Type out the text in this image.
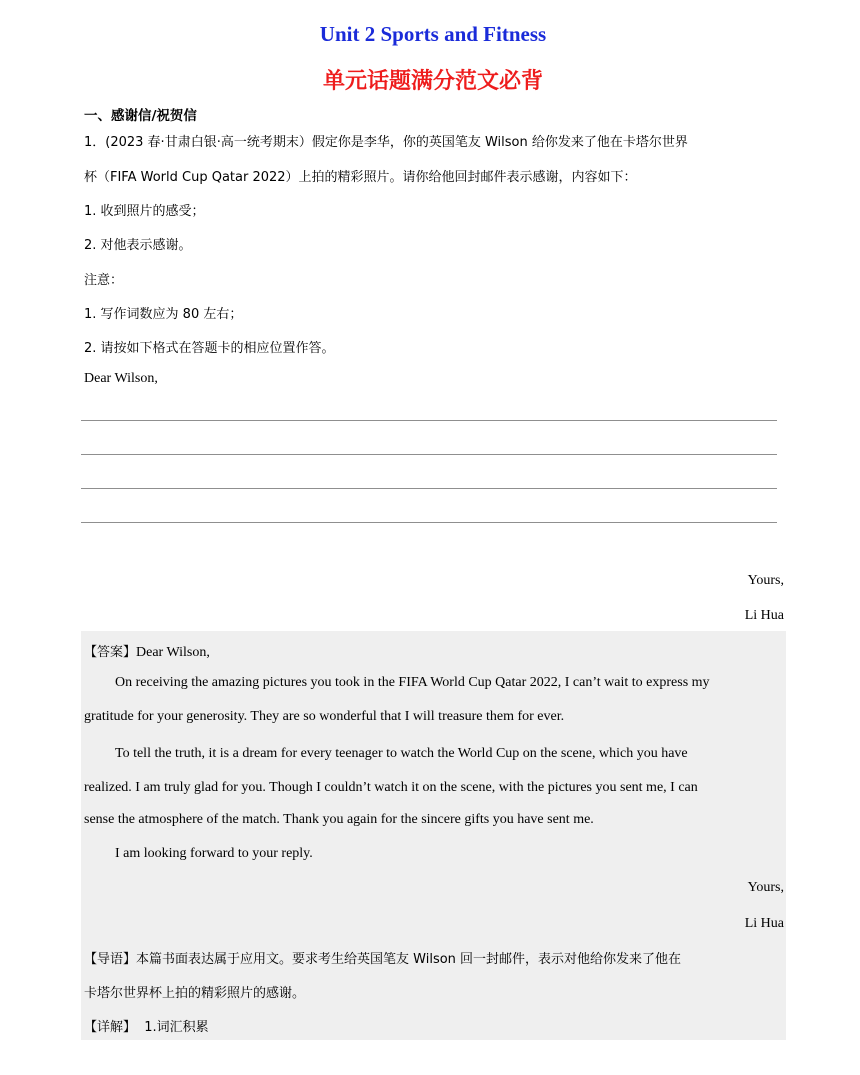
Unit 2 Sports and Fitness
单元话题满分范文必背
一、感谢信/祝贺信
1．(2023 春·甘肃白银·高一统考期末）假定你是李华，你的英国笔友 Wilson 给你发来了他在卡塔尔世界
杯（FIFA World Cup Qatar 2022）上拍的精彩照片。请你给他回封邮件表示感谢，内容如下：
1. 收到照片的感受；
2. 对他表示感谢。
注意：
1. 写作词数应为 80 左右；
2. 请按如下格式在答题卡的相应位置作答。
Dear Wilson,
Yours,
Li Hua
【答案】Dear Wilson,
On receiving the amazing pictures you took in the FIFA World Cup Qatar 2022, I can’t wait to express my
gratitude for your generosity. They are so wonderful that I will treasure them for ever.
To tell the truth, it is a dream for every teenager to watch the World Cup on the scene, which you have
realized. I am truly glad for you. Though I couldn’t watch it on the scene, with the pictures you sent me, I can
sense the atmosphere of the match. Thank you again for the sincere gifts you have sent me.
I am looking forward to your reply.
Yours,
Li Hua
【导语】本篇书面表达属于应用文。要求考生给英国笔友 Wilson 回一封邮件，表示对他给你发来了他在
卡塔尔世界杯上拍的精彩照片的感谢。
【详解】 1.词汇积累
